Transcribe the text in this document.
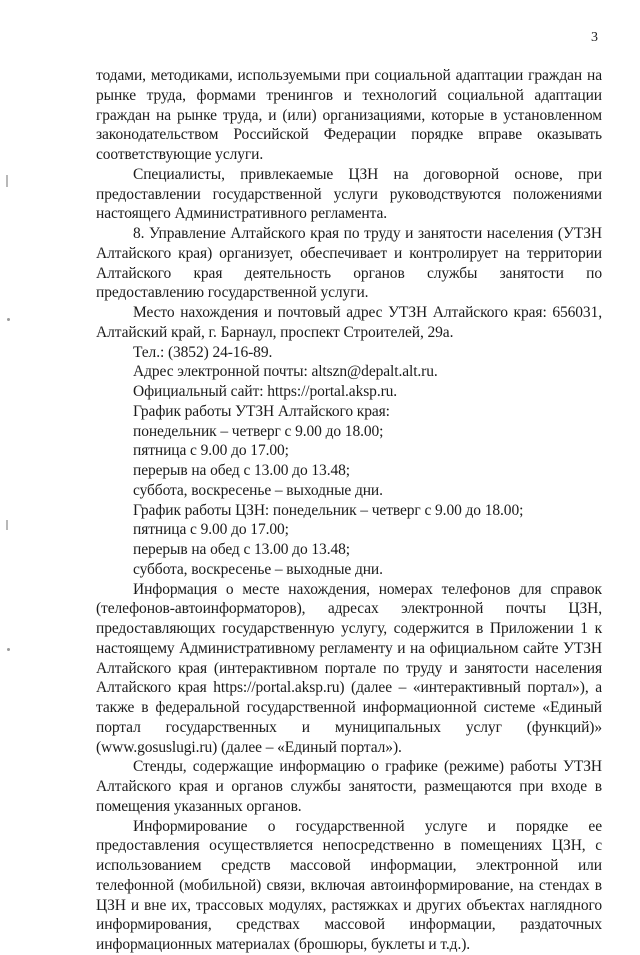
3

тодами, методиками, используемыми при социальной адаптации граждан на рынке труда, формами тренингов и технологий социальной адаптации граждан на рынке труда, и (или) организациями, которые в установленном законодательством Российской Федерации порядке вправе оказывать соответствующие услуги.

Специалисты, привлекаемые ЦЗН на договорной основе, при предоставлении государственной услуги руководствуются положениями настоящего Административного регламента.

8. Управление Алтайского края по труду и занятости населения (УТЗН Алтайского края) организует, обеспечивает и контролирует на территории Алтайского края деятельность органов службы занятости по предоставлению государственной услуги.

Место нахождения и почтовый адрес УТЗН Алтайского края: 656031, Алтайский край, г. Барнаул, проспект Строителей, 29а.

Тел.: (3852) 24-16-89.
Адрес электронной почты: altszn@depalt.alt.ru.
Официальный сайт: https://portal.aksp.ru.
График работы УТЗН Алтайского края:
понедельник – четверг с 9.00 до 18.00;
пятница с 9.00 до 17.00;
перерыв на обед с 13.00 до 13.48;
суббота, воскресенье – выходные дни.
График работы ЦЗН: понедельник – четверг с 9.00 до 18.00;
пятница с 9.00 до 17.00;
перерыв на обед с 13.00 до 13.48;
суббота, воскресенье – выходные дни.

Информация о месте нахождения, номерах телефонов для справок (телефонов-автоинформаторов), адресах электронной почты ЦЗН, предоставляющих государственную услугу, содержится в Приложении 1 к настоящему Административному регламенту и на официальном сайте УТЗН Алтайского края (интерактивном портале по труду и занятости населения Алтайского края https://portal.aksp.ru) (далее – «интерактивный портал»), а также в федеральной государственной информационной системе «Единый портал государственных и муниципальных услуг (функций)» (www.gosuslugi.ru) (далее – «Единый портал»).

Стенды, содержащие информацию о графике (режиме) работы УТЗН Алтайского края и органов службы занятости, размещаются при входе в помещения указанных органов.

Информирование о государственной услуге и порядке ее предоставления осуществляется непосредственно в помещениях ЦЗН, с использованием средств массовой информации, электронной или телефонной (мобильной) связи, включая автоинформирование, на стендах в ЦЗН и вне их, трассовых модулях, растяжках и других объектах наглядного информирования, средствах массовой информации, раздаточных информационных материалах (брошюры, буклеты и т.д.).
